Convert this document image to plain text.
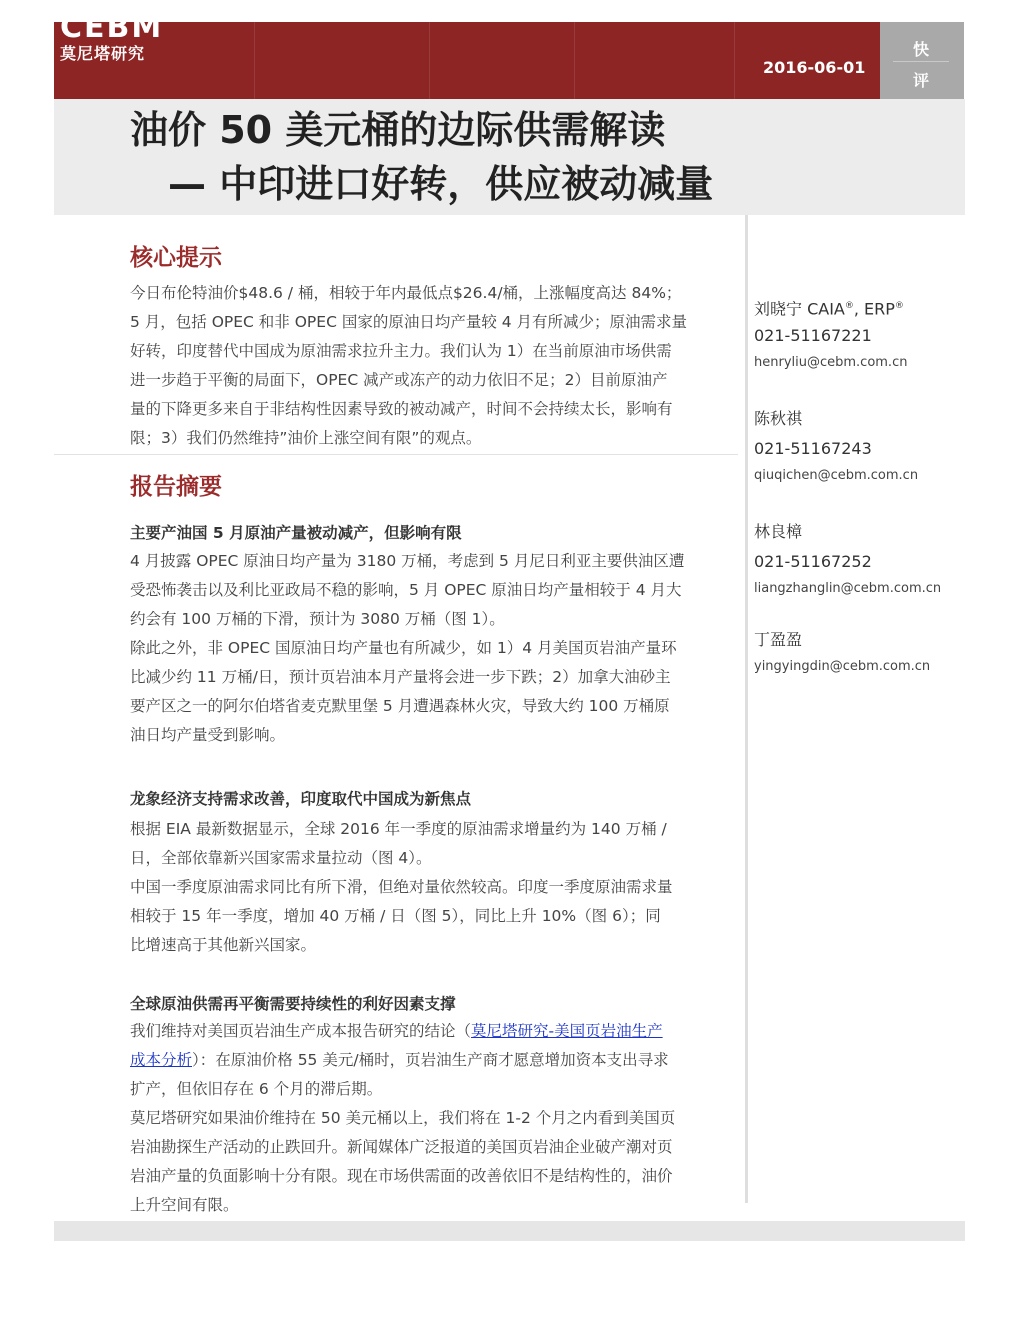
CEBM
莫尼塔研究
2016-06-01
快
评
油价 50 美元桶的边际供需解读
— 中印进口好转，供应被动减量
核心提示
今日布伦特油价$48.6 / 桶，相较于年内最低点$26.4/桶，上涨幅度高达 84%；
5 月，包括 OPEC 和非 OPEC 国家的原油日均产量较 4 月有所减少；原油需求量
好转，印度替代中国成为原油需求拉升主力。我们认为 1）在当前原油市场供需
进一步趋于平衡的局面下，OPEC 减产或冻产的动力依旧不足；2）目前原油产
量的下降更多来自于非结构性因素导致的被动减产，时间不会持续太长，影响有
限；3）我们仍然维持”油价上涨空间有限”的观点。
报告摘要
主要产油国 5 月原油产量被动减产，但影响有限
4 月披露 OPEC 原油日均产量为 3180 万桶，考虑到 5 月尼日利亚主要供油区遭
受恐怖袭击以及利比亚政局不稳的影响，5 月 OPEC 原油日均产量相较于 4 月大
约会有 100 万桶的下滑，预计为 3080 万桶（图 1）。
除此之外，非 OPEC 国原油日均产量也有所减少，如 1）4 月美国页岩油产量环
比减少约 11 万桶/日，预计页岩油本月产量将会进一步下跌；2）加拿大油砂主
要产区之一的阿尔伯塔省麦克默里堡 5 月遭遇森林火灾，导致大约 100 万桶原
油日均产量受到影响。
龙象经济支持需求改善，印度取代中国成为新焦点
根据 EIA 最新数据显示，全球 2016 年一季度的原油需求增量约为 140 万桶 /
日，全部依靠新兴国家需求量拉动（图 4）。
中国一季度原油需求同比有所下滑，但绝对量依然较高。印度一季度原油需求量
相较于 15 年一季度，增加 40 万桶 / 日（图 5），同比上升 10%（图 6）；同
比增速高于其他新兴国家。
全球原油供需再平衡需要持续性的利好因素支撑
我们维持对美国页岩油生产成本报告研究的结论（莫尼塔研究-美国页岩油生产
成本分析）：在原油价格 55 美元/桶时，页岩油生产商才愿意增加资本支出寻求
扩产，但依旧存在 6 个月的滞后期。
莫尼塔研究如果油价维持在 50 美元桶以上，我们将在 1-2 个月之内看到美国页
岩油勘探生产活动的止跌回升。新闻媒体广泛报道的美国页岩油企业破产潮对页
岩油产量的负面影响十分有限。现在市场供需面的改善依旧不是结构性的，油价
上升空间有限。
刘晓宁 CAIA®, ERP®
021-51167221
henryliu@cebm.com.cn
陈秋祺
021-51167243
qiuqichen@cebm.com.cn
林良樟
021-51167252
liangzhanglin@cebm.com.cn
丁盈盈
yingyingdin@cebm.com.cn
